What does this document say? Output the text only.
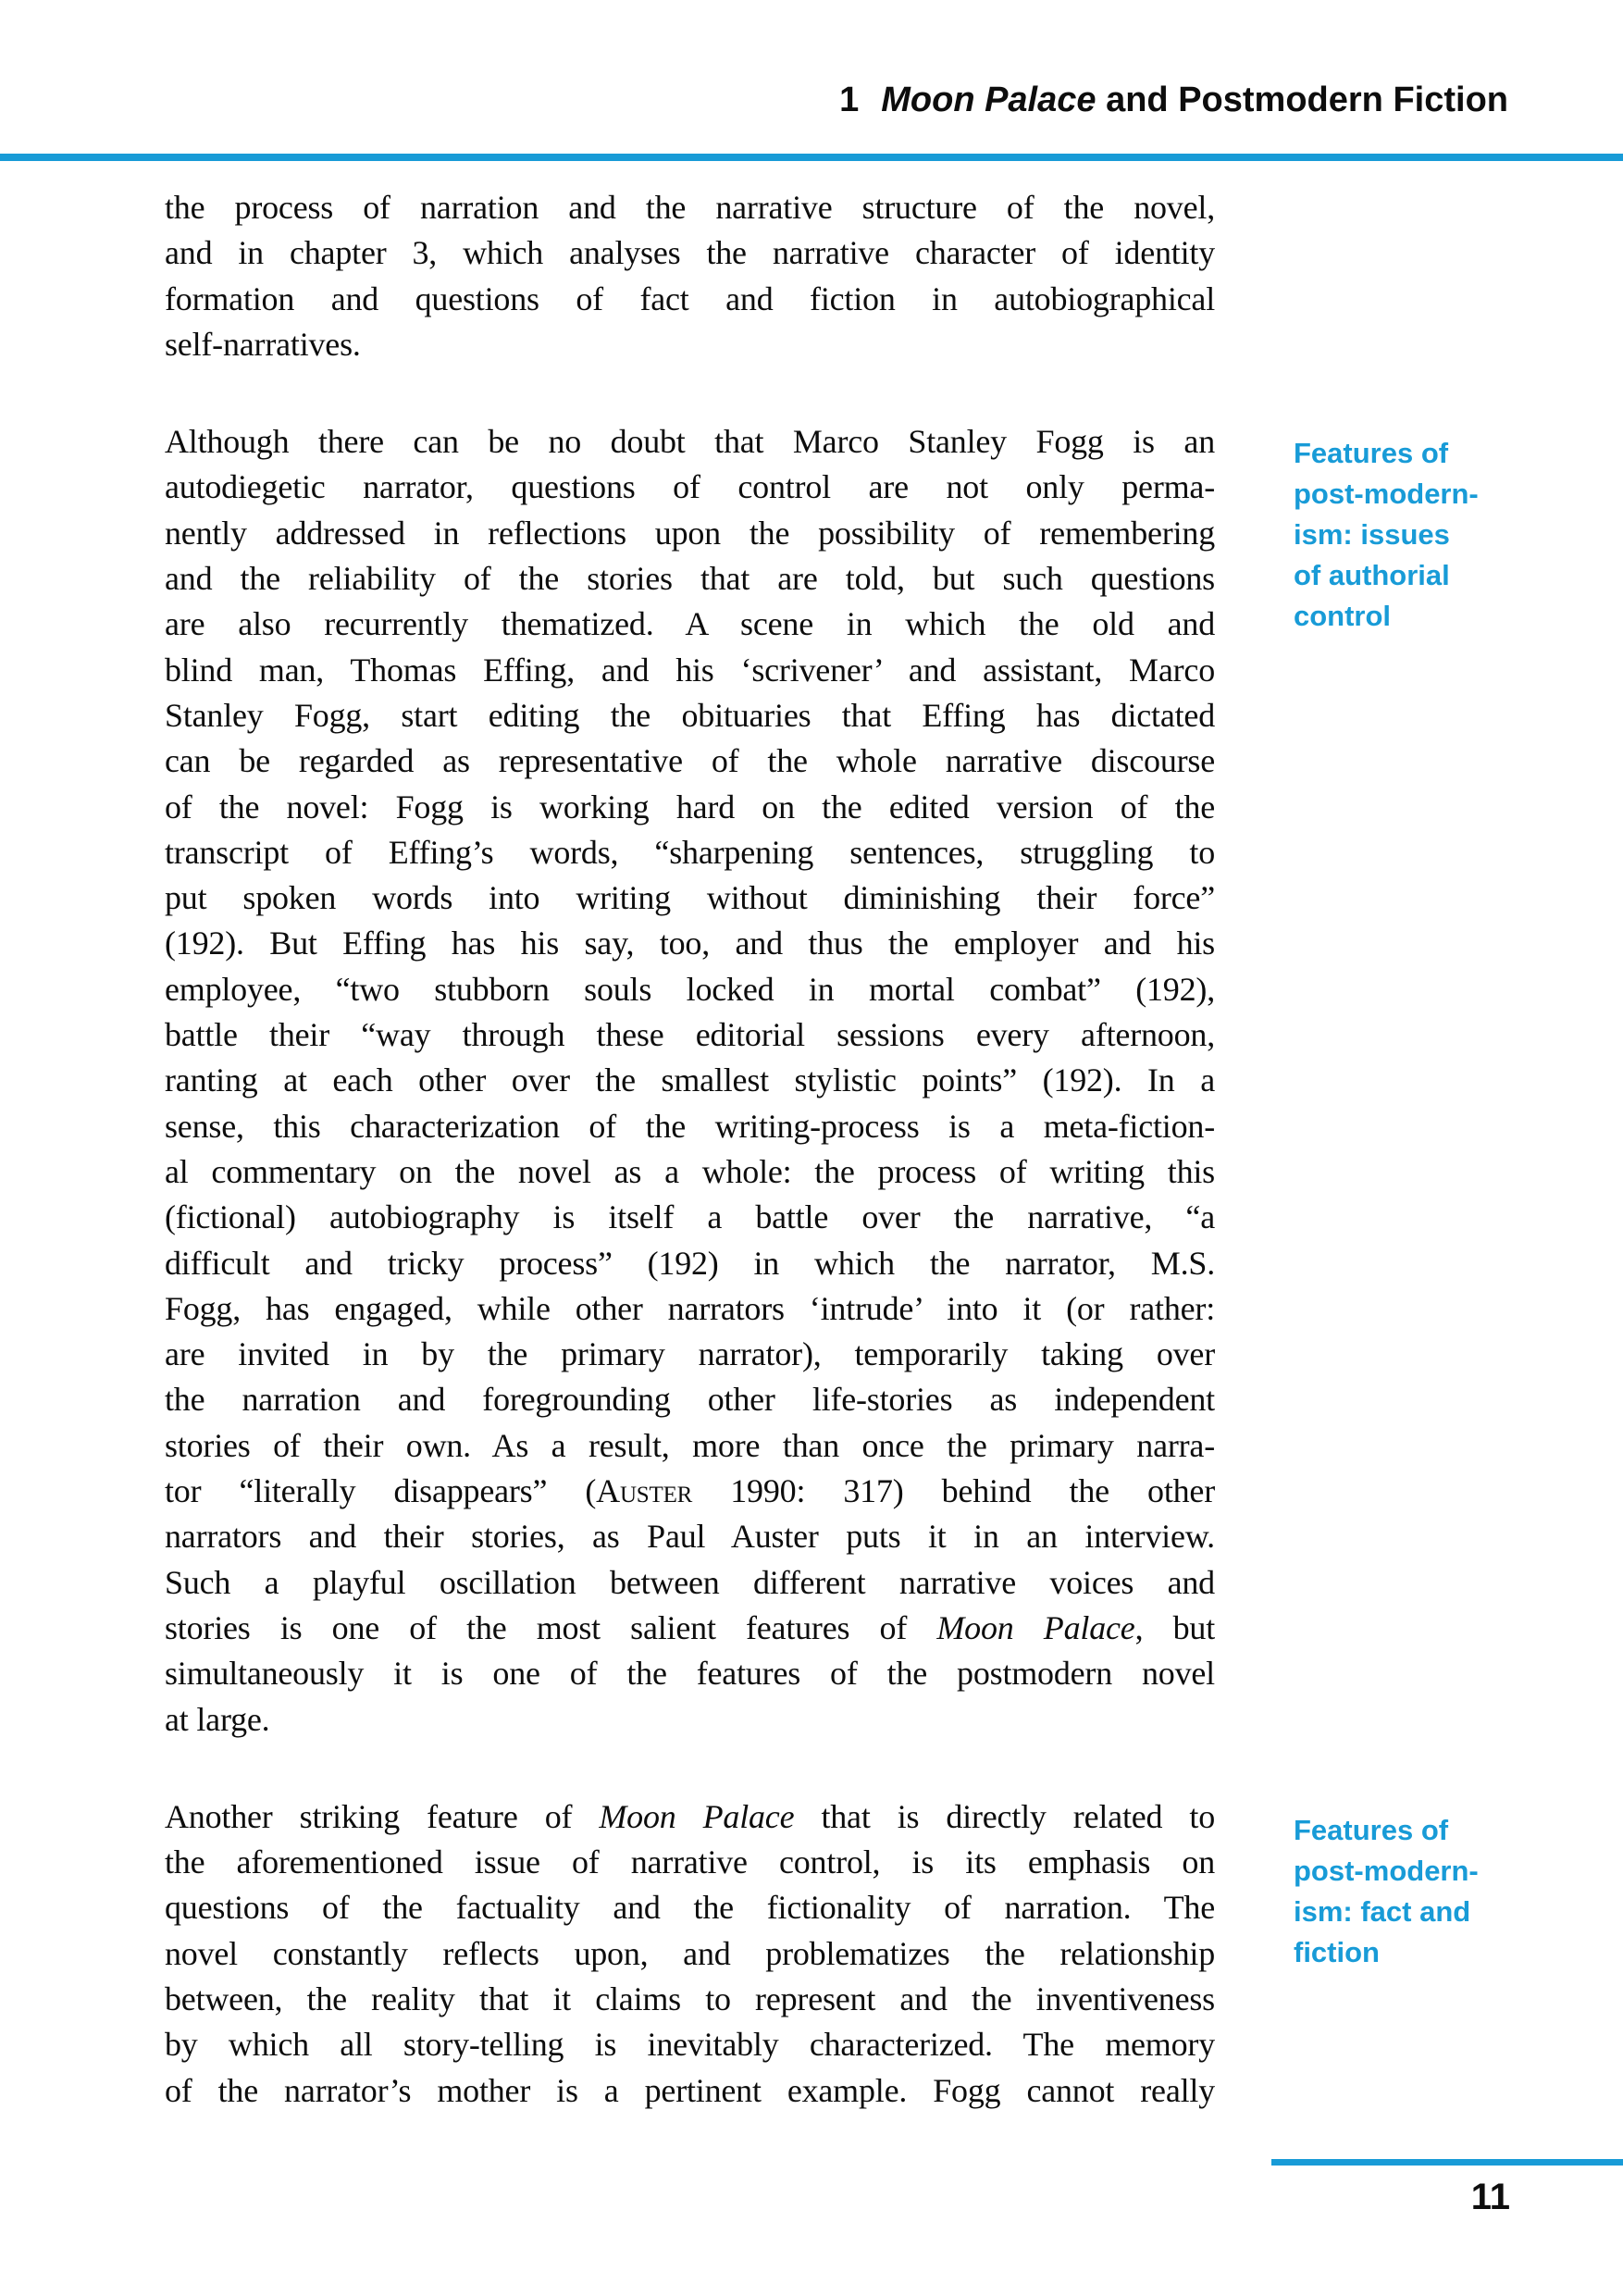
1 Moon Palace and Postmodern Fiction
the process of narration and the narrative structure of the novel,
and in chapter 3, which analyses the narrative character of identity
formation and questions of fact and fiction in autobiographical
self-narratives.
Although there can be no doubt that Marco Stanley Fogg is an
autodiegetic narrator, questions of control are not only perma-
nently addressed in reflections upon the possibility of remembering
and the reliability of the stories that are told, but such questions
are also recurrently thematized. A scene in which the old and
blind man, Thomas Effing, and his ‘scrivener’ and assistant, Marco
Stanley Fogg, start editing the obituaries that Effing has dictated
can be regarded as representative of the whole narrative discourse
of the novel: Fogg is working hard on the edited version of the
transcript of Effing’s words, “sharpening sentences, struggling to
put spoken words into writing without diminishing their force”
(192). But Effing has his say, too, and thus the employer and his
employee, “two stubborn souls locked in mortal combat” (192),
battle their “way through these editorial sessions every afternoon,
ranting at each other over the smallest stylistic points” (192). In a
sense, this characterization of the writing-process is a meta-fiction-
al commentary on the novel as a whole: the process of writing this
(fictional) autobiography is itself a battle over the narrative, “a
difficult and tricky process” (192) in which the narrator, M.S.
Fogg, has engaged, while other narrators ‘intrude’ into it (or rather:
are invited in by the primary narrator), temporarily taking over
the narration and foregrounding other life-stories as independent
stories of their own. As a result, more than once the primary narra-
tor “literally disappears” (Auster 1990: 317) behind the other
narrators and their stories, as Paul Auster puts it in an interview.
Such a playful oscillation between different narrative voices and
stories is one of the most salient features of Moon Palace, but
simultaneously it is one of the features of the postmodern novel
at large.
Another striking feature of Moon Palace that is directly related to
the aforementioned issue of narrative control, is its emphasis on
questions of the factuality and the fictionality of narration. The
novel constantly reflects upon, and problematizes the relationship
between, the reality that it claims to represent and the inventiveness
by which all story-telling is inevitably characterized. The memory
of the narrator’s mother is a pertinent example. Fogg cannot really
Features of
post-modern-
ism: issues
of authorial
control
Features of
post-modern-
ism: fact and
fiction
11
